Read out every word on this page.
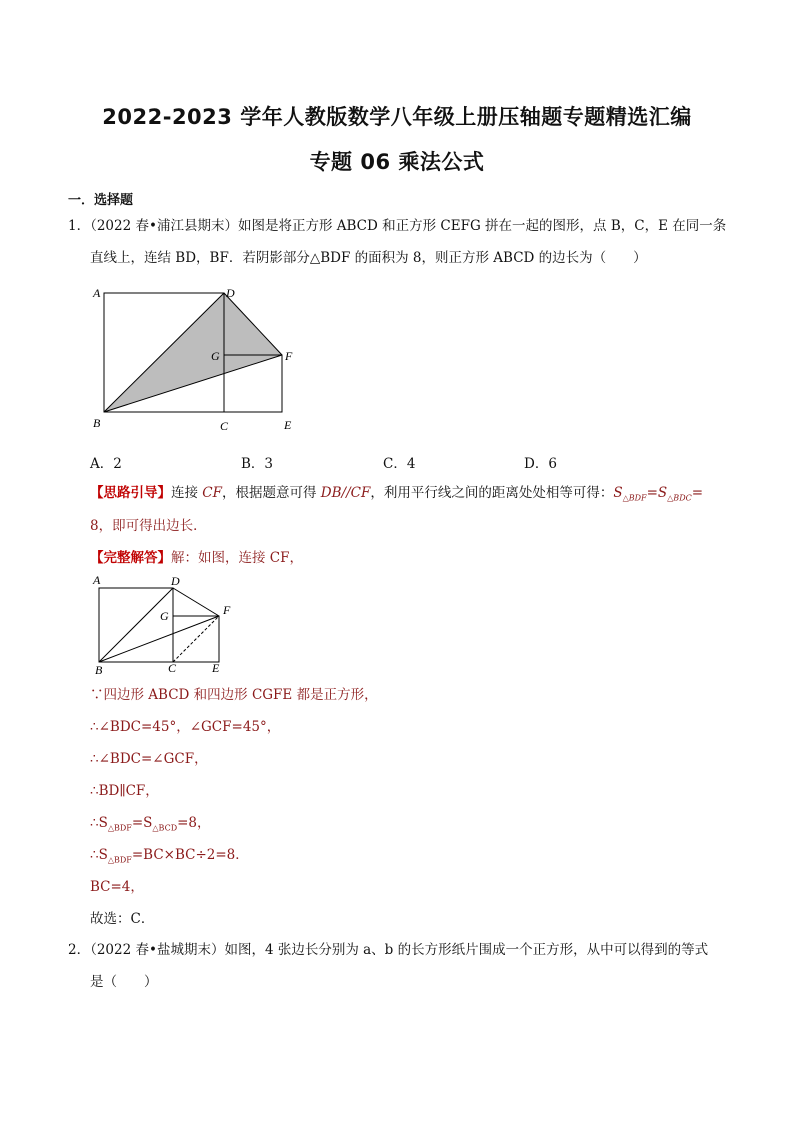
2022-2023 学年人教版数学八年级上册压轴题专题精选汇编
专题 06 乘法公式
一．选择题
1．（2022 春•浦江县期末）如图是将正方形 ABCD 和正方形 CEFG 拼在一起的图形，点 B，C，E 在同一条
直线上，连结 BD，BF．若阴影部分△BDF 的面积为 8，则正方形 ABCD 的边长为（　　）
A	D
G	F
B	C	E
A．2	B．3	C．4	D．6
【思路引导】连接 CF，根据题意可得 DB//CF，利用平行线之间的距离处处相等可得：$S_{\triangle BDF}=S_{\triangle BDC}=$
8，即可得出边长．
【完整解答】解：如图，连接 CF，
A	D
G	F
B	C	E
∵四边形 ABCD 和四边形 CGFE 都是正方形，
∴∠BDC=45°，∠GCF=45°，
∴∠BDC=∠GCF，
∴BD∥CF，
$\therefore S_{\triangle BDF}=S_{\triangle BCD}=8$，
$\therefore S_{\triangle BDF}=BC\times BC\div 2=8$．
BC=4，
故选：C．
2．（2022 春•盐城期末）如图，4 张边长分别为 a、b 的长方形纸片围成一个正方形，从中可以得到的等式
是（　　）
